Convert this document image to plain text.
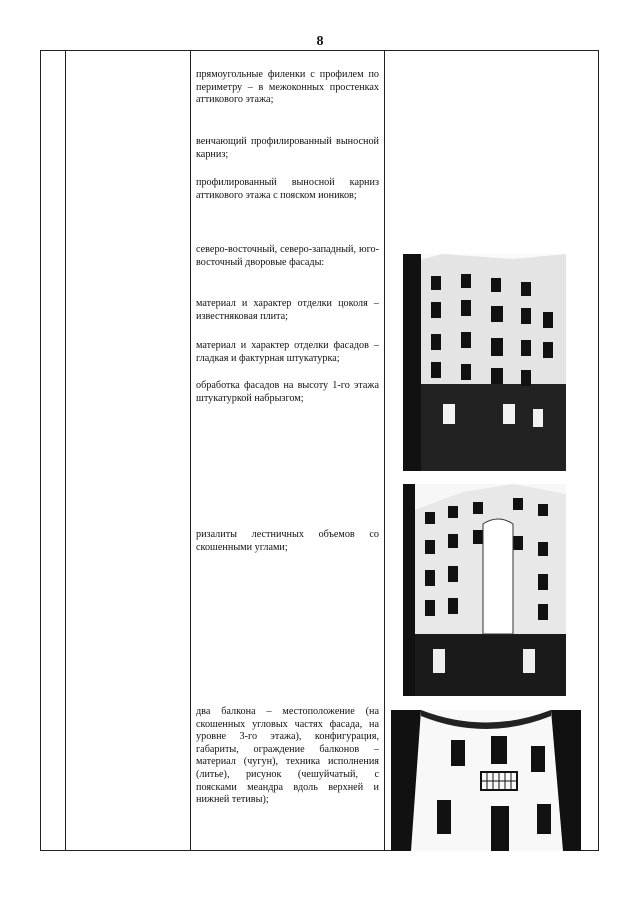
8
прямоугольные филенки с профилем по периметру – в межоконных простенках аттикового этажа;
венчающий профилированный выносной карниз;
профилированный выносной карниз аттикового этажа с пояском иоников;
северо-восточный, северо-западный, юго-восточный дворовые фасады:
материал и характер отделки цоколя – известняковая плита;
материал и характер отделки фасадов – гладкая и фактурная штукатурка;
обработка фасадов на высоту 1-го этажа штукатуркой набрызгом;
ризалиты лестничных объемов со скошенными углами;
два балкона – местоположение (на скошенных угловых частях фасада, на уровне 3-го этажа), конфигурация, габариты, ограждение балконов – материал (чугун), техника исполнения (литье), рисунок (чешуйчатый, с поясками меандра вдоль верхней и нижней тетивы);
